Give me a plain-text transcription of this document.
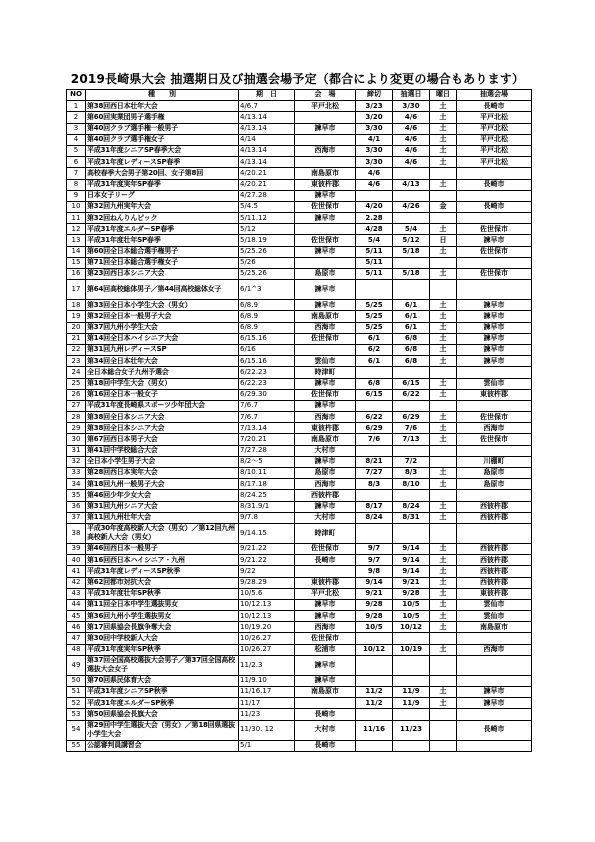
2019長崎県大会 抽選期日及び抽選会場予定（都合により変更の場合もあります）
NO	種　　別	期　日	会　場	締切	抽選日	曜日	抽選会場
1	第38回西日本壮年大会	4/6.7	平戸北松	3/23	3/30	土	長崎市
2	第60回実業団男子選手権	4/13.14		3/20	4/6	土	平戸北松
3	第40回クラブ選手権一般男子	4/13.14	諫早市	3/30	4/6	土	平戸北松
4	第40回クラブ選手権女子	4/14		4/1	4/6	土	平戸北松
5	平成31年度シニアSP春季大会	4/13.14	西海市	3/30	4/6	土	平戸北松
6	平成31年度レディースSP春季	4/13.14		3/30	4/6	土	平戸北松
7	高校春季大会男子第20回、女子第8回	4/20.21	南島原市	4/6			
8	平成31年度実年SP春季	4/20.21	東彼杵郡	4/6	4/13	土	長崎市
9	日本女子リーグ	4/27.28	諫早市				
10	第32回九州実年大会	5/4.5	佐世保市	4/20	4/26	金	長崎市
11	第32回ねんりんピック	5/11.12	諫早市	2.28			
12	平成31年度エルダーSP春季	5/12		4/28	5/4	土	佐世保市
13	平成31年度壮年SP春季	5/18.19	佐世保市	5/4	5/12	日	諫早市
14	第60回全日本総合選手権男子	5/25.26	諫早市	5/11	5/18	土	佐世保市
15	第71回全日本総合選手権女子	5/26		5/11			
16	第23回西日本シニア大会	5/25.26	島原市	5/11	5/18	土	佐世保市
17	第64回高校総体男子／第44回高校総体女子	6/1^3	諫早市				
18	第33回全日本小学生大会（男女）	6/8.9	諫早市	5/25	6/1	土	諫早市
19	第32回全日本一般男子大会	6/8.9	南島原市	5/25	6/1	土	諫早市
20	第37回九州小学生大会	6/8.9	西海市	5/25	6/1	土	諫早市
21	第14回全日本ハイシニア大会	6/15.16	佐世保市	6/1	6/8	土	諫早市
22	第31回九州レディースSP	6/16		6/2	6/8	土	諫早市
23	第34回全日本壮年大会	6/15.16	雲仙市	6/1	6/8	土	諫早市
24	全日本総合女子九州予選会	6/22.23	時津町				
25	第18回中学生大会（男女）	6/22.23	諫早市	6/8	6/15	土	雲仙市
26	第16回全日本一般女子	6/29.30	佐世保市	6/15	6/22	土	東彼杵郡
27	平成31年度長崎県スポーツ少年団大会	7/6.7	諫早市				
28	第38回全日本シニア大会	7/6.7	西海市	6/22	6/29	土	佐世保市
29	第38回全日本シニア大会	7/13.14	東彼杵郡	6/29	7/6	土	西海市
30	第67回西日本男子大会	7/20.21	南島原市	7/6	7/13	土	佐世保市
31	第41回中学校総合大会	7/27.28	大村市				
32	全日本小学生男子大会	8/2～5	諫早市	8/21	7/2		川棚町
33	第28回西日本実年大会	8/10.11	島原市	7/27	8/3	土	島原市
34	第18回九州一般男子大会	8/17.18	西海市	8/3	8/10	土	島原市
35	第46回少年少女大会	8/24.25	西彼杵郡				
36	第31回九州シニア大会	8/31.9/1	諫早市	8/17	8/24	土	西彼杵郡
37	第11回九州壮年大会	9/7.8	大村市	8/24	8/31	土	西彼杵郡
38	平成30年度高校新人大会（男女）／第12回九州高校新人大会（男女）	9/14.15	時津町				
39	第46回西日本一般男子	9/21.22	佐世保市	9/7	9/14	土	西彼杵郡
40	第16回西日本ハイシニア・九州	9/21.22	長崎市	9/7	9/14	土	西彼杵郡
41	平成31年度レディースSP秋季	9/22		9/8	9/14	土	西彼杵郡
42	第62回都市対抗大会	9/28.29	東彼杵郡	9/14	9/21	土	西彼杵郡
43	平成31年度壮年SP秋季	10/5.6	平戸北松	9/21	9/28	土	東彼杵郡
44	第11回全日本中学生選抜男女	10/12.13	諫早市	9/28	10/5	土	雲仙市
45	第36回九州小学生選抜男女	10/12.13	諫早市	9/28	10/5	土	雲仙市
46	第17回県協会長旗争奪大会	10/19.20	西海市	10/5	10/12	土	南島原市
47	第30回中学校新人大会	10/26.27	佐世保市				
48	平成31年度実年SP秋季	10/26.27	松浦市	10/12	10/19	土	西海市
49	第37回全国高校選抜大会男子／第37回全国高校選抜大会女子	11/2.3	諫早市				
50	第70回県民体育大会	11/9.10	諫早市				
51	平成31年度シニアSP秋季	11/16.17	南島原市	11/2	11/9	土	諫早市
52	平成31年度エルダーSP秋季	11/17		11/2	11/9	土	諫早市
53	第50回県協会長旗大会	11/23	長崎市				
54	第29回中学生選抜大会（男女）／第18回県選抜小学生大会	11/30. 12	大村市	11/16	11/23		長崎市
55	公認審判員講習会	5/1	長崎市				
